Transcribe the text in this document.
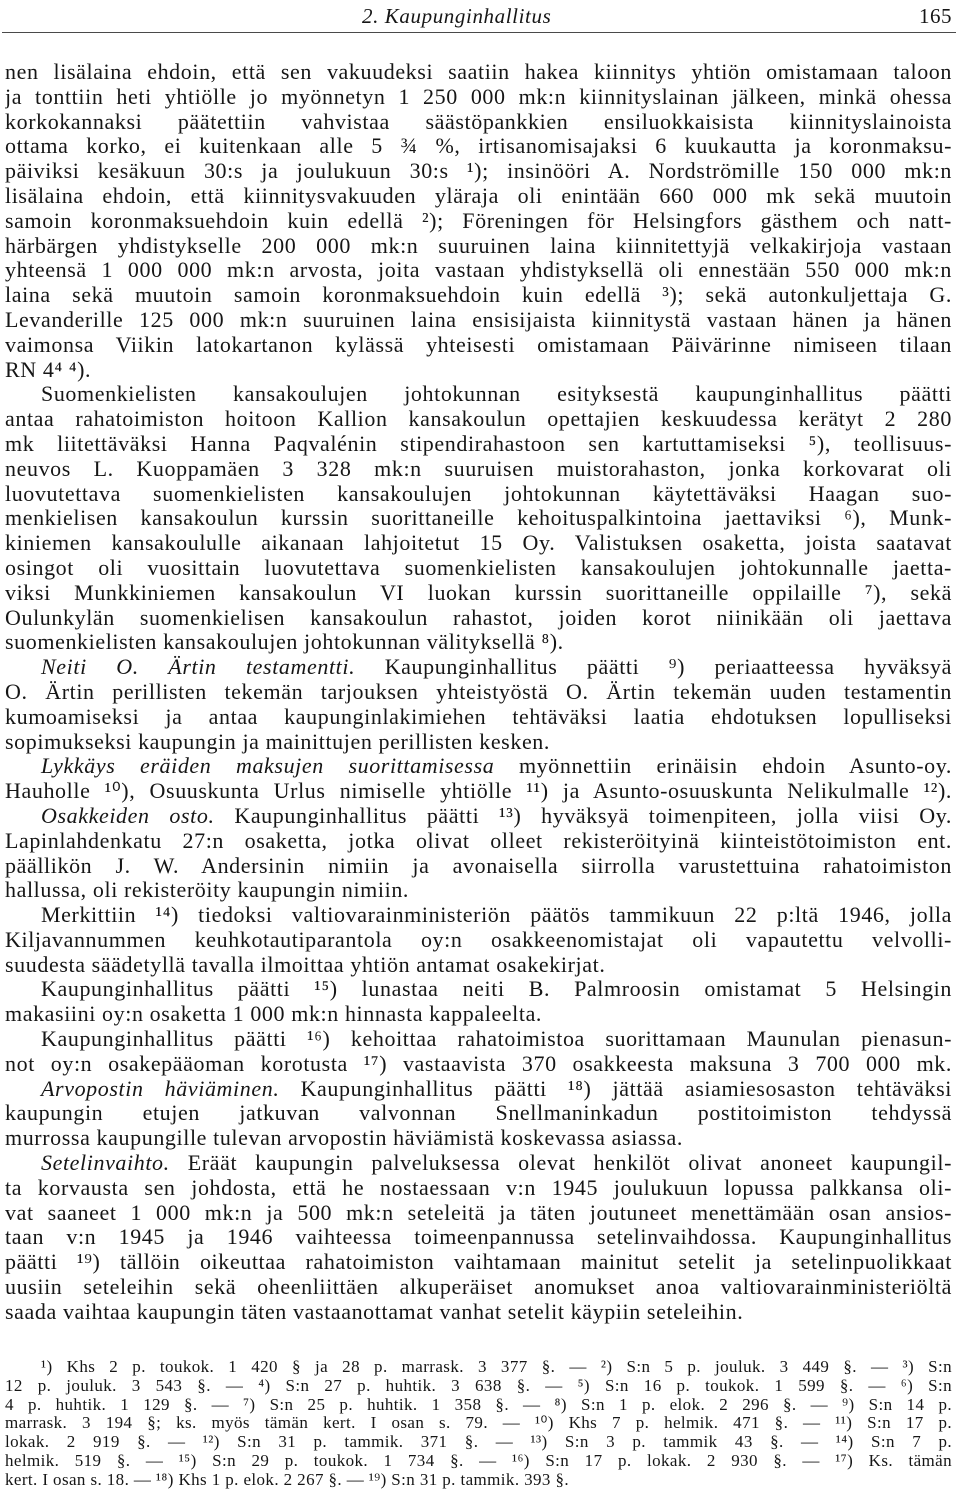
2. Kaupunginhallitus	165
nen lisälaina ehdoin, että sen vakuudeksi saatiin hakea kiinnitys yhtiön omistamaan taloon
ja tonttiin heti yhtiölle jo myönnetyn 1 250 000 mk:n kiinnityslainan jälkeen, minkä ohessa
korkokannaksi päätettiin vahvistaa säästöpankkien ensiluokkaisista kiinnityslainoista
ottama korko, ei kuitenkaan alle 5 ¾ %, irtisanomisajaksi 6 kuukautta ja koronmaksu-
päiviksi kesäkuun 30:s ja joulukuun 30:s ¹); insinööri A. Nordströmille 150 000 mk:n
lisälaina ehdoin, että kiinnitysvakuuden yläraja oli enintään 660 000 mk sekä muutoin
samoin koronmaksuehdoin kuin edellä ²); Föreningen för Helsingfors gästhem och natt-
härbärgen yhdistykselle 200 000 mk:n suuruinen laina kiinnitettyjä velkakirjoja vastaan
yhteensä 1 000 000 mk:n arvosta, joita vastaan yhdistyksellä oli ennestään 550 000 mk:n
laina sekä muutoin samoin koronmaksuehdoin kuin edellä ³); sekä autonkuljettaja G.
Levanderille 125 000 mk:n suuruinen laina ensisijaista kiinnitystä vastaan hänen ja hänen
vaimonsa Viikin latokartanon kylässä yhteisesti omistamaan Päivärinne nimiseen tilaan
RN 4⁴ ⁴).
Suomenkielisten kansakoulujen johtokunnan esityksestä kaupunginhallitus päätti
antaa rahatoimiston hoitoon Kallion kansakoulun opettajien keskuudessa kerätyt 2 280
mk liitettäväksi Hanna Paqvalénin stipendirahastoon sen kartuttamiseksi ⁵), teollisuus-
neuvos L. Kuoppamäen 3 328 mk:n suuruisen muistorahaston, jonka korkovarat oli
luovutettava suomenkielisten kansakoulujen johtokunnan käytettäväksi Haagan suo-
menkielisen kansakoulun kurssin suorittaneille kehoituspalkintoina jaettaviksi ⁶), Munk-
kiniemen kansakoululle aikanaan lahjoitetut 15 Oy. Valistuksen osaketta, joista saatavat
osingot oli vuosittain luovutettava suomenkielisten kansakoulujen johtokunnalle jaetta-
viksi Munkkiniemen kansakoulun VI luokan kurssin suorittaneille oppilaille ⁷), sekä
Oulunkylän suomenkielisen kansakoulun rahastot, joiden korot niinikään oli jaettava
suomenkielisten kansakoulujen johtokunnan välityksellä ⁸).
Neiti O. Ärtin testamentti. Kaupunginhallitus päätti ⁹) periaatteessa hyväksyä
O. Ärtin perillisten tekemän tarjouksen yhteistyöstä O. Ärtin tekemän uuden testamentin
kumoamiseksi ja antaa kaupunginlakimiehen tehtäväksi laatia ehdotuksen lopulliseksi
sopimukseksi kaupungin ja mainittujen perillisten kesken.
Lykkäys eräiden maksujen suorittamisessa myönnettiin erinäisin ehdoin Asunto-oy.
Hauholle ¹⁰), Osuuskunta Urlus nimiselle yhtiölle ¹¹) ja Asunto-osuuskunta Nelikulmalle ¹²).
Osakkeiden osto. Kaupunginhallitus päätti ¹³) hyväksyä toimenpiteen, jolla viisi Oy.
Lapinlahdenkatu 27:n osaketta, jotka olivat olleet rekisteröityinä kiinteistötoimiston ent.
päällikön J. W. Andersinin nimiin ja avonaisella siirrolla varustettuina rahatoimiston
hallussa, oli rekisteröity kaupungin nimiin.
Merkittiin ¹⁴) tiedoksi valtiovarainministeriön päätös tammikuun 22 p:ltä 1946, jolla
Kiljavannummen keuhkotautiparantola oy:n osakkeenomistajat oli vapautettu velvolli-
suudesta säädetyllä tavalla ilmoittaa yhtiön antamat osakekirjat.
Kaupunginhallitus päätti ¹⁵) lunastaa neiti B. Palmroosin omistamat 5 Helsingin
makasiini oy:n osaketta 1 000 mk:n hinnasta kappaleelta.
Kaupunginhallitus päätti ¹⁶) kehoittaa rahatoimistoa suorittamaan Maunulan pienasun-
not oy:n osakepääoman korotusta ¹⁷) vastaavista 370 osakkeesta maksuna 3 700 000 mk.
Arvopostin häviäminen. Kaupunginhallitus päätti ¹⁸) jättää asiamiesosaston tehtäväksi
kaupungin etujen jatkuvan valvonnan Snellmaninkadun postitoimiston tehdyssä
murrossa kaupungille tulevan arvopostin häviämistä koskevassa asiassa.
Setelinvaihto. Eräät kaupungin palveluksessa olevat henkilöt olivat anoneet kaupungil-
ta korvausta sen johdosta, että he nostaessaan v:n 1945 joulukuun lopussa palkkansa oli-
vat saaneet 1 000 mk:n ja 500 mk:n seteleitä ja täten joutuneet menettämään osan ansios-
taan v:n 1945 ja 1946 vaihteessa toimeenpannussa setelinvaihdossa. Kaupunginhallitus
päätti ¹⁹) tällöin oikeuttaa rahatoimiston vaihtamaan mainitut setelit ja setelinpuolikkaat
uusiin seteleihin sekä oheenliittäen alkuperäiset anomukset anoa valtiovarainministeriöltä
saada vaihtaa kaupungin täten vastaanottamat vanhat setelit käypiin seteleihin.
¹) Khs 2 p. toukok. 1 420 § ja 28 p. marrask. 3 377 §. — ²) S:n 5 p. jouluk. 3 449 §. — ³) S:n
12 p. jouluk. 3 543 §. — ⁴) S:n 27 p. huhtik. 3 638 §. — ⁵) S:n 16 p. toukok. 1 599 §. — ⁶) S:n
4 p. huhtik. 1 129 §. — ⁷) S:n 25 p. huhtik. 1 358 §. — ⁸) S:n 1 p. elok. 2 296 §. — ⁹) S:n 14 p.
marrask. 3 194 §; ks. myös tämän kert. I osan s. 79. — ¹⁰) Khs 7 p. helmik. 471 §. — ¹¹) S:n 17 p.
lokak. 2 919 §. — ¹²) S:n 31 p. tammik. 371 §. — ¹³) S:n 3 p. tammik 43 §. — ¹⁴) S:n 7 p.
helmik. 519 §. — ¹⁵) S:n 29 p. toukok. 1 734 §. — ¹⁶) S:n 17 p. lokak. 2 930 §. — ¹⁷) Ks. tämän
kert. I osan s. 18. — ¹⁸) Khs 1 p. elok. 2 267 §. — ¹⁹) S:n 31 p. tammik. 393 §.
